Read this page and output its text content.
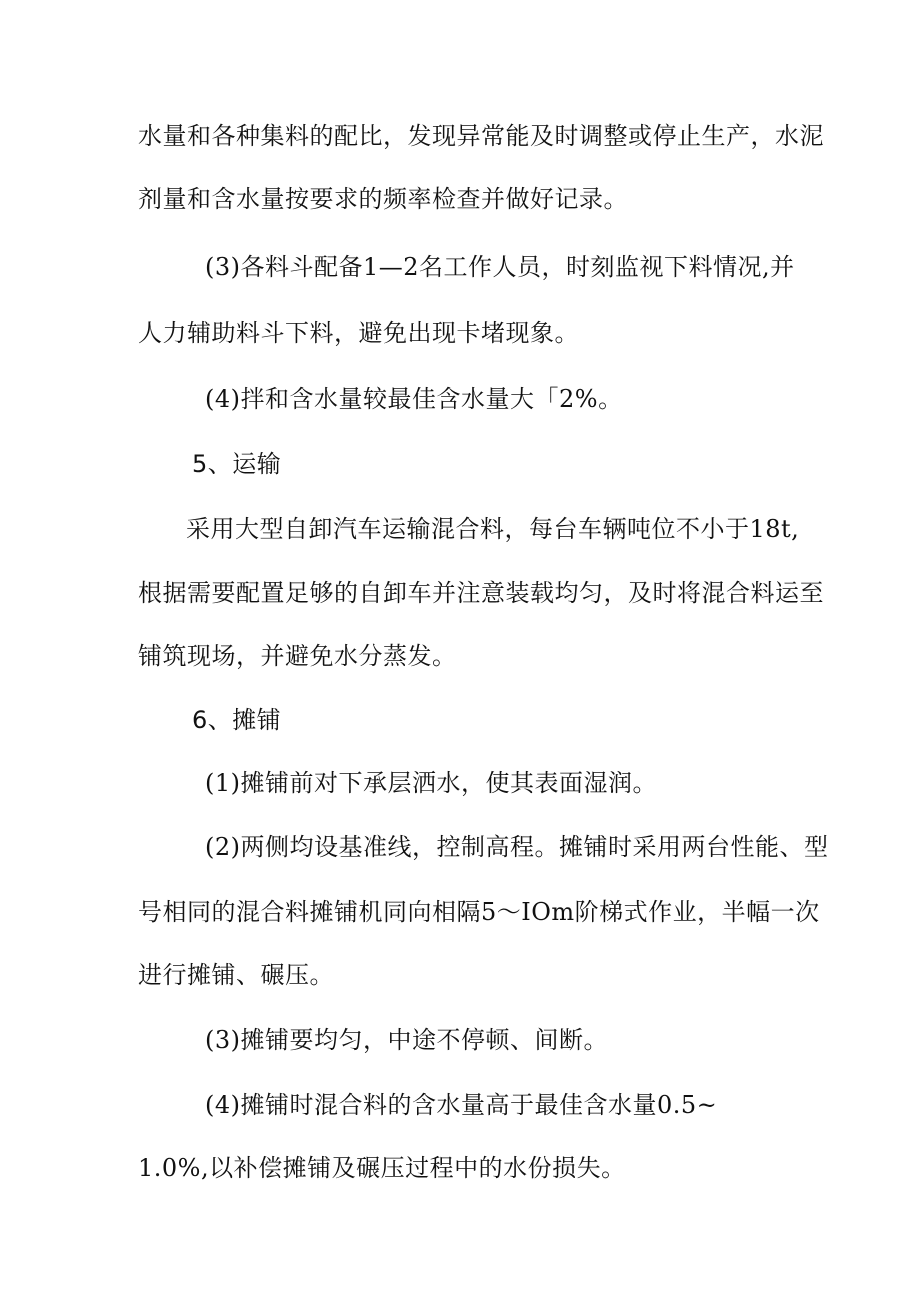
水量和各种集料的配比，发现异常能及时调整或停止生产，水泥
剂量和含水量按要求的频率检查并做好记录。
(3)各料斗配备1—2名工作人员，时刻监视下料情况,并
人力辅助料斗下料，避免出现卡堵现象。
(4)拌和含水量较最佳含水量大「2%。
5、运输
采用大型自卸汽车运输混合料，每台车辆吨位不小于18t,
根据需要配置足够的自卸车并注意装载均匀，及时将混合料运至
铺筑现场，并避免水分蒸发。
6、摊铺
(1)摊铺前对下承层洒水，使其表面湿润。
(2)两侧均设基准线，控制高程。摊铺时采用两台性能、型
号相同的混合料摊铺机同向相隔5～IOm阶梯式作业，半幅一次
进行摊铺、碾压。
(3)摊铺要均匀，中途不停顿、间断。
(4)摊铺时混合料的含水量高于最佳含水量0.5~
1.0%,以补偿摊铺及碾压过程中的水份损失。
